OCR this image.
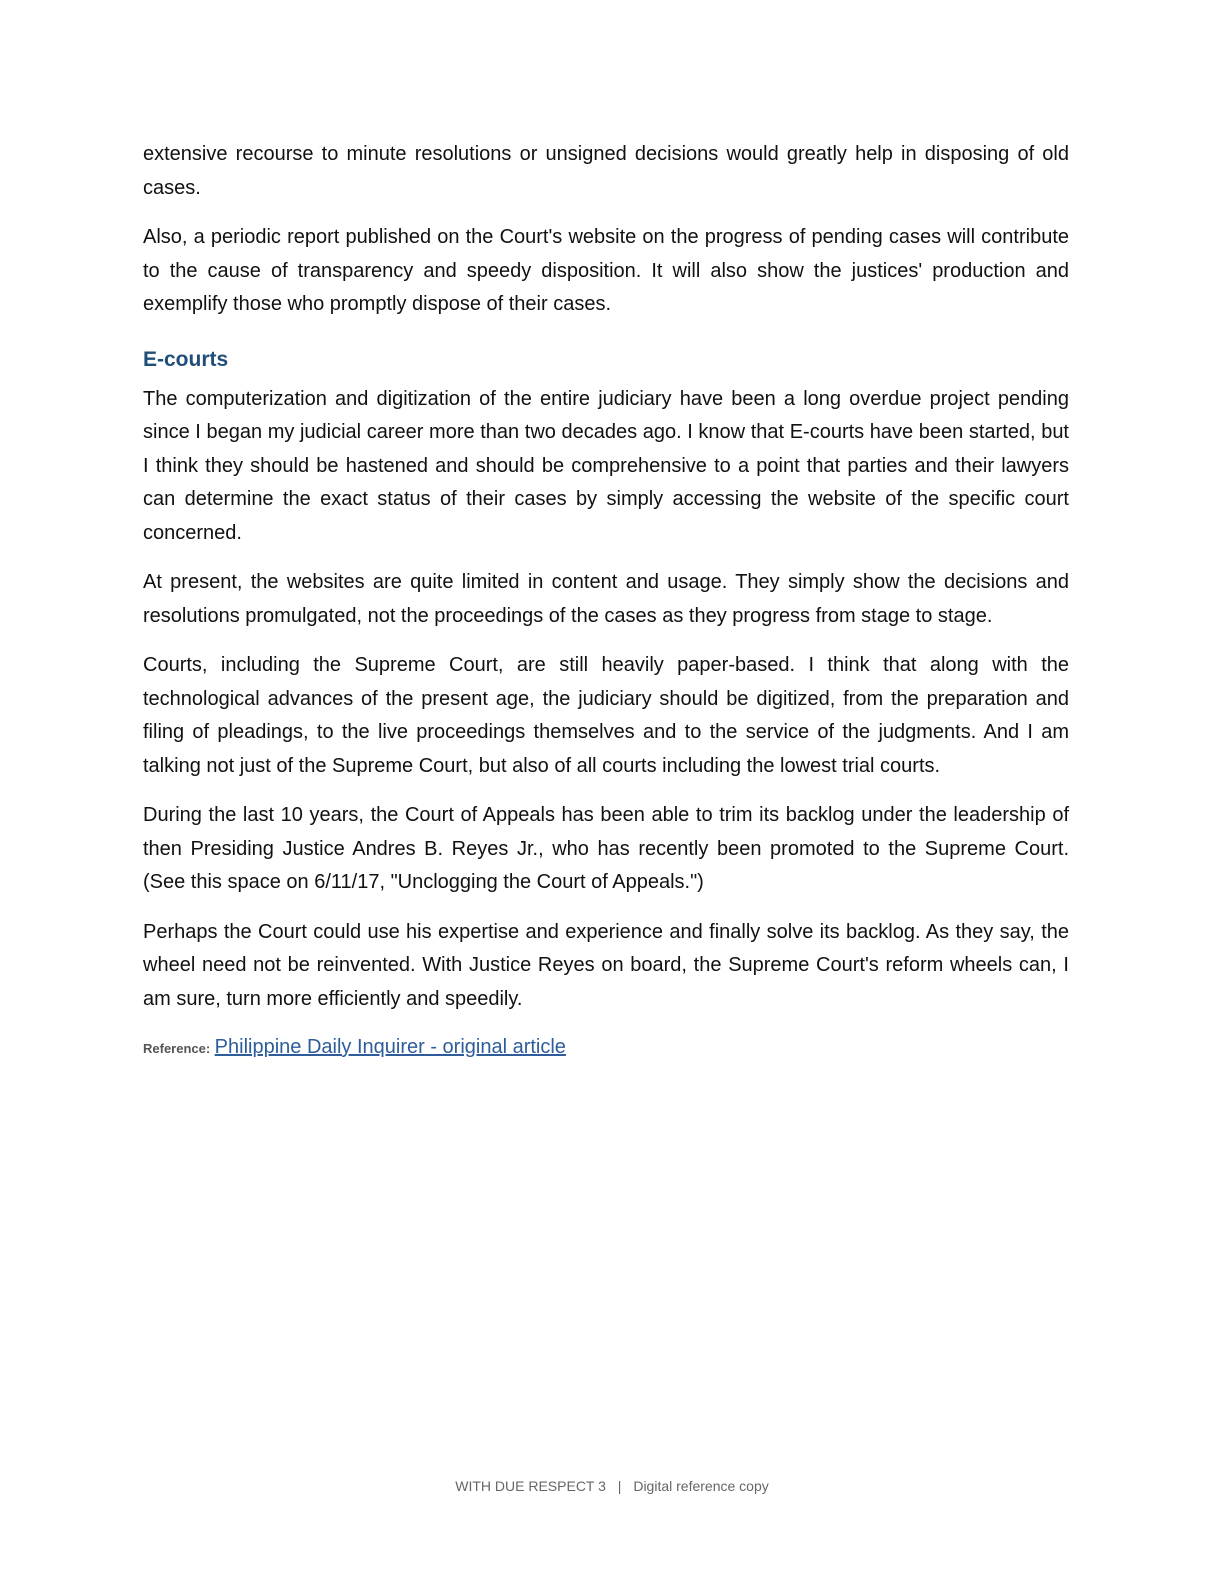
extensive recourse to minute resolutions or unsigned decisions would greatly help in disposing of old cases.

Also, a periodic report published on the Court's website on the progress of pending cases will contribute to the cause of transparency and speedy disposition. It will also show the justices' production and exemplify those who promptly dispose of their cases.

E-courts

The computerization and digitization of the entire judiciary have been a long overdue project pending since I began my judicial career more than two decades ago. I know that E-courts have been started, but I think they should be hastened and should be comprehensive to a point that parties and their lawyers can determine the exact status of their cases by simply accessing the website of the specific court concerned.

At present, the websites are quite limited in content and usage. They simply show the decisions and resolutions promulgated, not the proceedings of the cases as they progress from stage to stage.

Courts, including the Supreme Court, are still heavily paper-based. I think that along with the technological advances of the present age, the judiciary should be digitized, from the preparation and filing of pleadings, to the live proceedings themselves and to the service of the judgments. And I am talking not just of the Supreme Court, but also of all courts including the lowest trial courts.

During the last 10 years, the Court of Appeals has been able to trim its backlog under the leadership of then Presiding Justice Andres B. Reyes Jr., who has recently been promoted to the Supreme Court. (See this space on 6/11/17, "Unclogging the Court of Appeals.")

Perhaps the Court could use his expertise and experience and finally solve its backlog. As they say, the wheel need not be reinvented. With Justice Reyes on board, the Supreme Court's reform wheels can, I am sure, turn more efficiently and speedily.

Reference: Philippine Daily Inquirer - original article
WITH DUE RESPECT 3 | Digital reference copy
